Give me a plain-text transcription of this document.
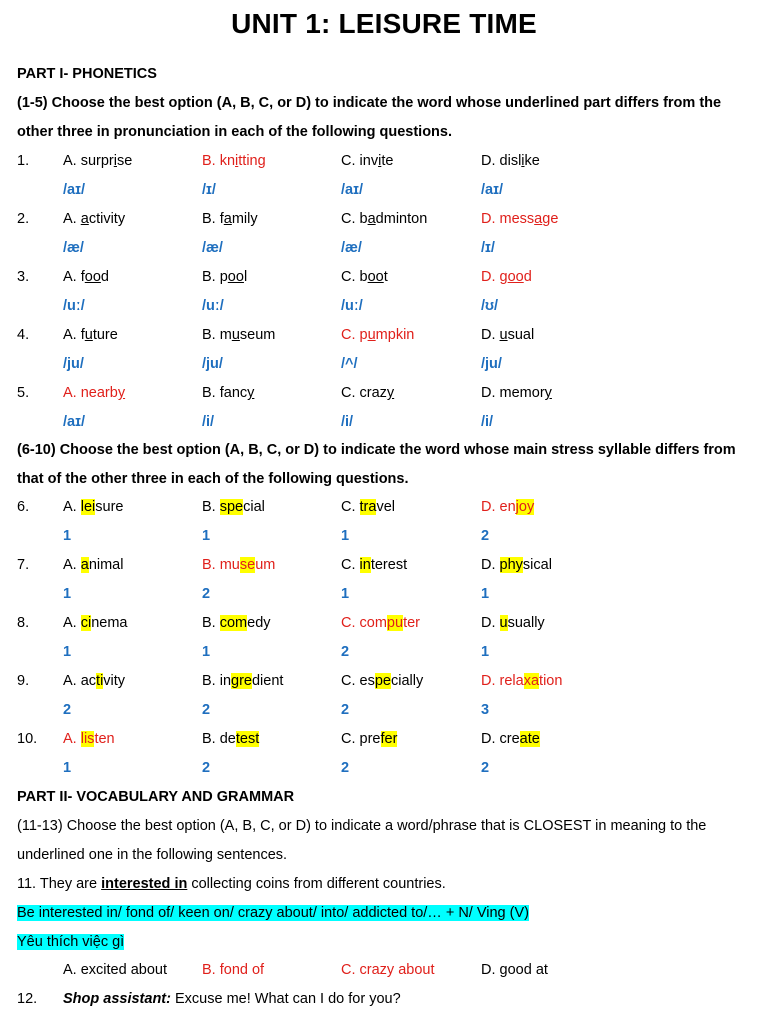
UNIT 1: LEISURE TIME
PART I- PHONETICS
(1-5) Choose the best option (A, B, C, or D) to indicate the word whose underlined part differs from the
other three in pronunciation in each of the following questions.
1. A. surprise	B. knitting	C. invite	D. dislike
/aɪ/	/ɪ/	/aɪ/	/aɪ/
2. A. activity	B. family	C. badminton	D. message
/æ/	/æ/	/æ/	/ɪ/
3. A. food	B. pool	C. boot	D. good
/uː/	/uː/	/uː/	/ʊ/
4. A. future	B. museum	C. pumpkin	D. usual
/ju/	/ju/	/^/	/ju/
5. A. nearby	B. fancy	C. crazy	D. memory
/aɪ/	/i/	/i/	/i/
(6-10) Choose the best option (A, B, C, or D) to indicate the word whose main stress syllable differs from
that of the other three in each of the following questions.
6. A. leisure	B. special	C. travel	D. enjoy
1	1	1	2
7. A. animal	B. museum	C. interest	D. physical
1	2	1	1
8. A. cinema	B. comedy	C. computer	D. usually
1	1	2	1
9. A. activity	B. ingredient	C. especially	D. relaxation
2	2	2	3
10. A. listen	B. detest	C. prefer	D. create
1	2	2	2
PART II- VOCABULARY AND GRAMMAR
(11-13) Choose the best option (A, B, C, or D) to indicate a word/phrase that is CLOSEST in meaning to the
underlined one in the following sentences.
11. They are interested in collecting coins from different countries.
Be interested in/ fond of/ keen on/ crazy about/ into/ addicted to/… + N/ Ving (V)
Yêu thích việc gì
A. excited about B. fond of	C. crazy about	D. good at
12. Shop assistant: Excuse me! What can I do for you?
